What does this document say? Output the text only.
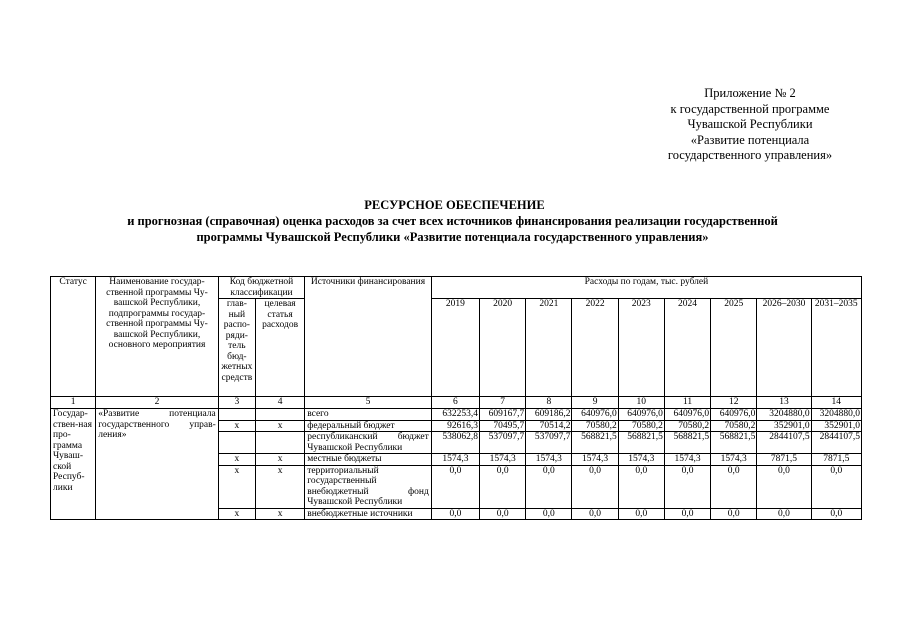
Приложение № 2
к государственной программе
Чувашской Республики
«Развитие потенциала
государственного управления»
РЕСУРСНОЕ ОБЕСПЕЧЕНИЕ
и прогнозная (справочная) оценка расходов за счет всех источников финансирования реализации государственной
программы Чувашской Республики «Развитие потенциала государственного управления»
Статус	Наименование государ-ственной программы Чу-вашской Республики, подпрограммы государ-ственной программы Чу-вашской Республики, основного мероприятия	Код бюджетной классификации		Источники финансирования	Расходы по годам, тыс. рублей								
		глав-ный распо-ряди-тель бюд-жетных средств	целевая статья расходов		2019	2020	2021	2022	2023	2024	2025	2026–2030	2031–2035
1	2	3	4	5	6	7	8	9	10	11	12	13	14
Государ-ствен-ная про-грамма Чуваш-ской Респуб-лики	«Развитие потенциала государственного управ-ления»			всего	632253,4	609167,7	609186,2	640976,0	640976,0	640976,0	640976,0	3204880,0	3204880,0
		x	x	федеральный бюджет	92616,3	70495,7	70514,2	70580,2	70580,2	70580,2	70580,2	352901,0	352901,0
				республиканский бюджет Чувашской Республики	538062,8	537097,7	537097,7	568821,5	568821,5	568821,5	568821,5	2844107,5	2844107,5
		x	x	местные бюджеты	1574,3	1574,3	1574,3	1574,3	1574,3	1574,3	1574,3	7871,5	7871,5
		x	x	территориальный государственный внебюджетный фонд Чувашской Республики	0,0	0,0	0,0	0,0	0,0	0,0	0,0	0,0	0,0
		x	x	внебюджетные источники	0,0	0,0	0,0	0,0	0,0	0,0	0,0	0,0	0,0
